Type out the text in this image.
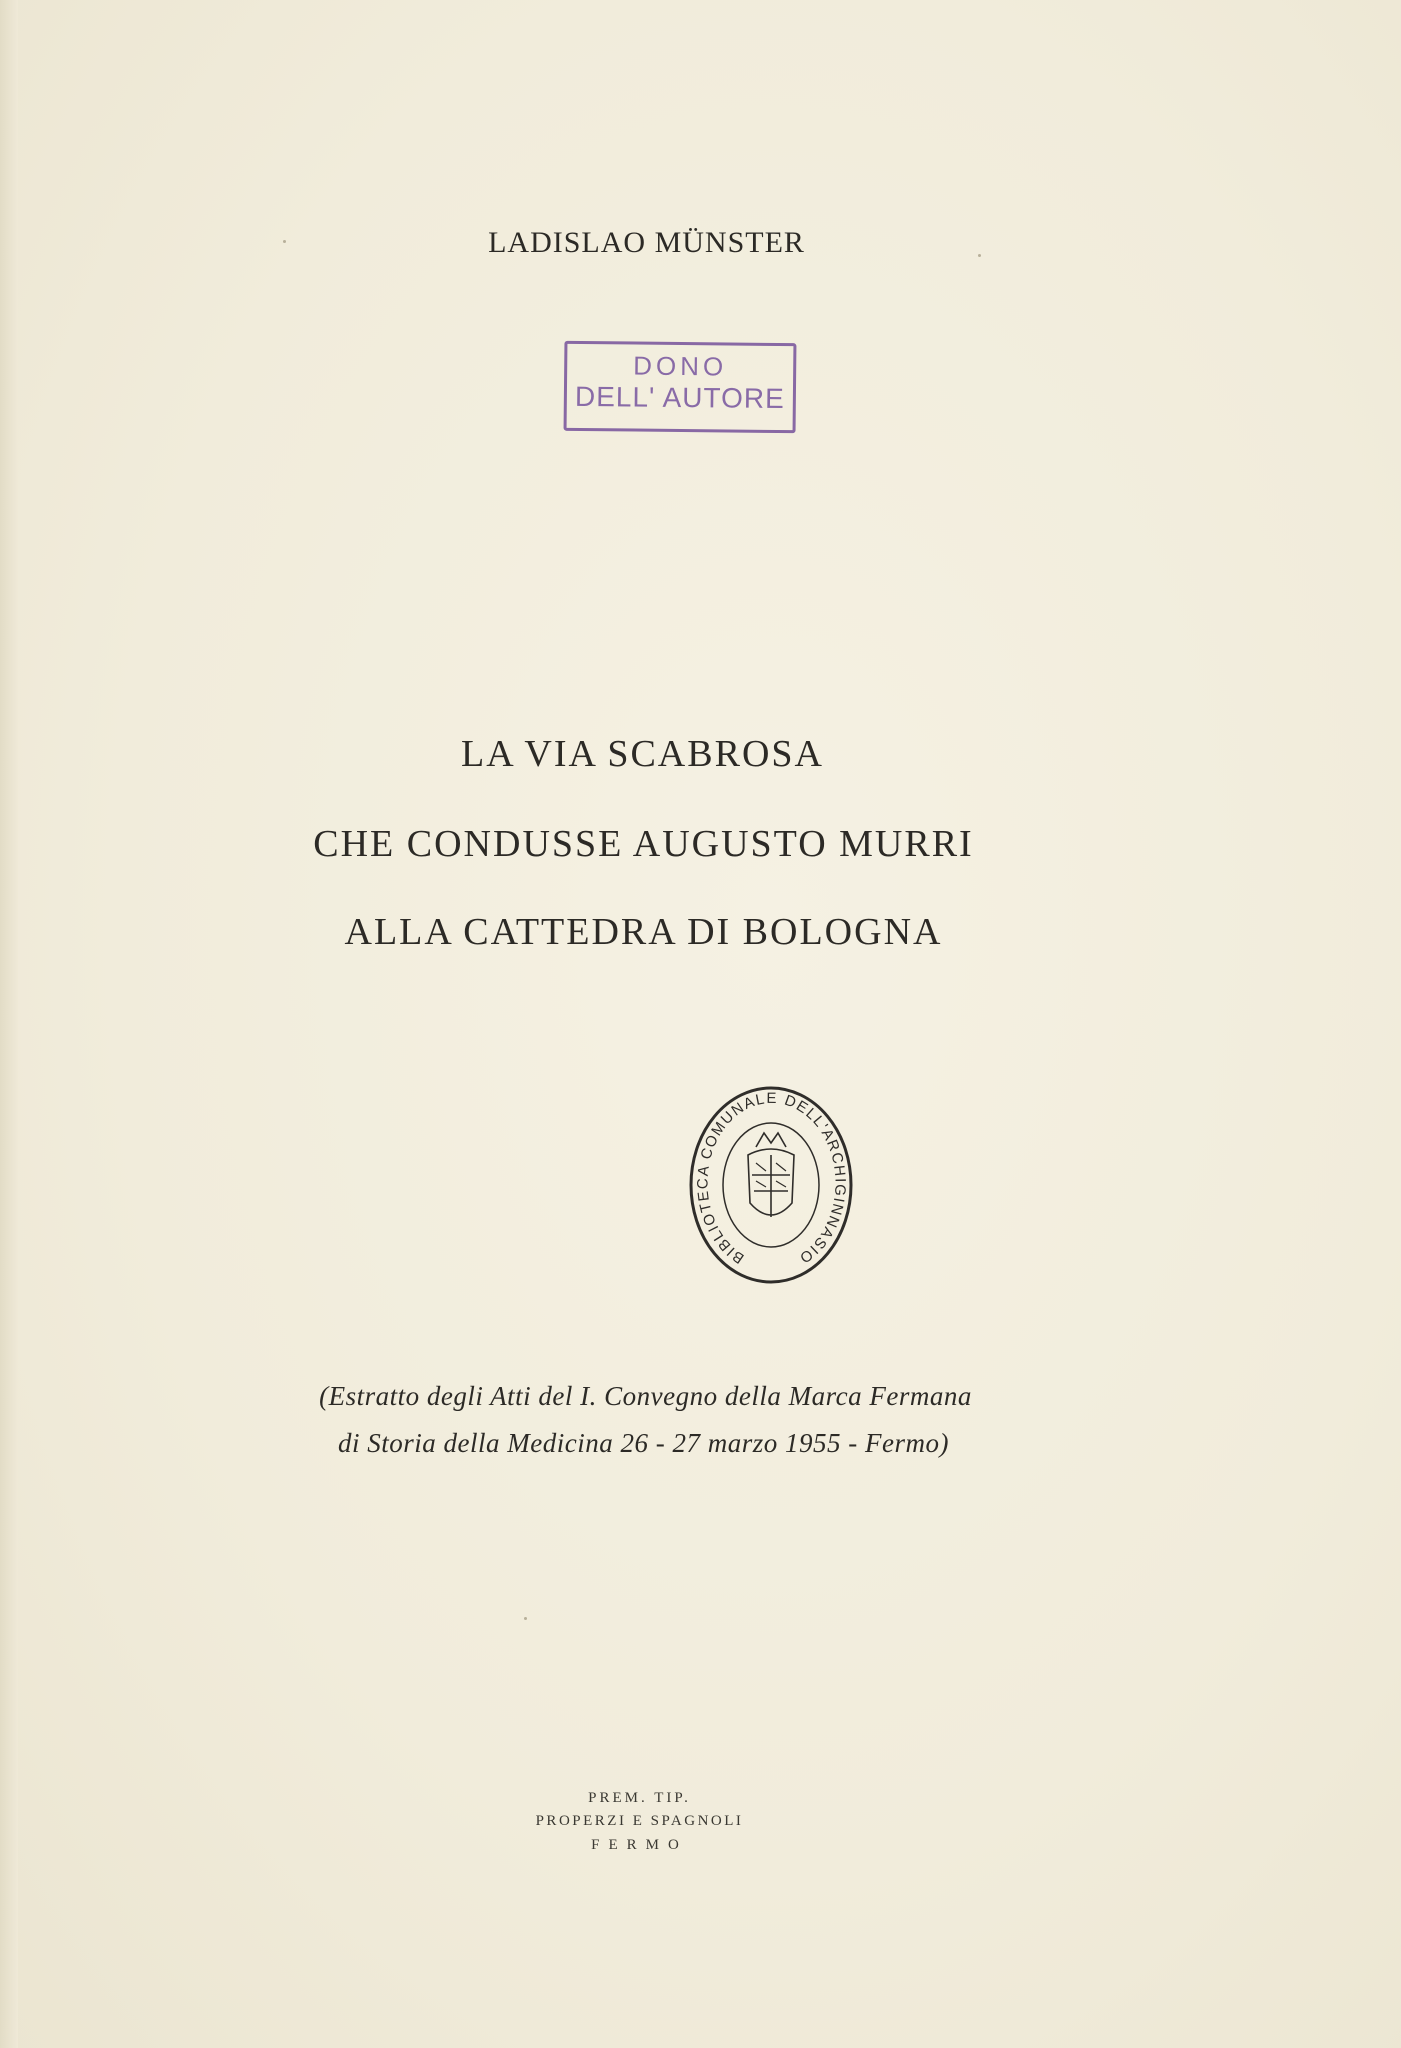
LADISLAO MÜNSTER
DONO
DELL' AUTORE
LA VIA SCABROSA
CHE CONDUSSE AUGUSTO MURRI
ALLA CATTEDRA DI BOLOGNA
BIBLIOTECA COMUNALE DELL'ARCHIGINNASIO
(Estratto degli Atti del I. Convegno della Marca Fermana
di Storia della Medicina 26 - 27 marzo 1955 - Fermo)
PREM. TIP.
PROPERZI E SPAGNOLI
FERMO
